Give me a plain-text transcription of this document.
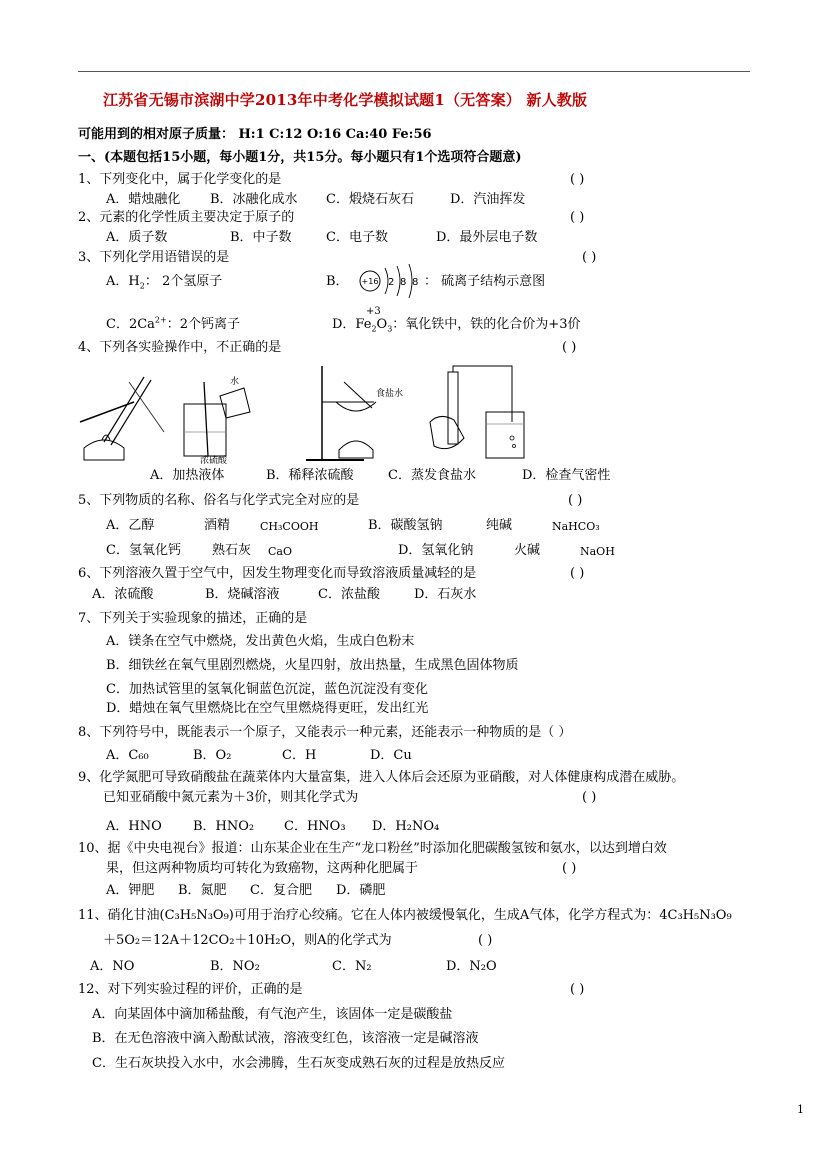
江苏省无锡市滨湖中学2013年中考化学模拟试题1（无答案） 新人教版
可能用到的相对原子质量： H:1 C:12 O:16 Ca:40 Fe:56
一、(本题包括15小题，每小题1分，共15分。每小题只有1个选项符合题意)
1、下列变化中，属于化学变化的是	( )
A．蜡烛融化 B．冰融化成水 C．煅烧石灰石	D．汽油挥发
2、元素的化学性质主要决定于原子的	( )
A．质子数	B．中子数	C．电子数	D．最外层电子数
3、下列化学用语错误的是	( )
A．$H_2$： 2个氢原子	B． +16 2 8 8 ： 硫离子结构示意图
C．$2Ca^{2+}$：2个钙离子
+3
D．$Fe_2O_3$：氧化铁中，铁的化合价为+3价
4、下列各实验操作中，不正确的是	( )
水
浓硫酸
食盐水
A．加热液体	B．稀释浓硫酸	C．蒸发食盐水	D．检查气密性
5、下列物质的名称、俗名与化学式完全对应的是	( )
A．乙醇	酒精	CH₃COOH	B．碳酸氢钠	纯碱	NaHCO₃
C．氢氧化钙 熟石灰 CaO	D．氢氧化钠	火碱	NaOH
6、下列溶液久置于空气中，因发生物理变化而导致溶液质量减轻的是	( )
A．浓硫酸	B．烧碱溶液	C．浓盐酸	D．石灰水
7、下列关于实验现象的描述，正确的是
A．镁条在空气中燃烧，发出黄色火焰，生成白色粉末
B．细铁丝在氧气里剧烈燃烧，火星四射，放出热量，生成黑色固体物质
C．加热试管里的氢氧化铜蓝色沉淀，蓝色沉淀没有变化
D．蜡烛在氧气里燃烧比在空气里燃烧得更旺，发出红光
8、下列符号中，既能表示一个原子，又能表示一种元素，还能表示一种物质的是（ ）
A．C₆₀	B．O₂	C．H	D．Cu
9、化学氮肥可导致硝酸盐在蔬菜体内大量富集，进入人体后会还原为亚硝酸，对人体健康构成潜在威胁。
已知亚硝酸中氮元素为＋3价，则其化学式为	( )
A．HNO B．HNO₂ C．HNO₃ D．H₂NO₄
10、据《中央电视台》报道：山东某企业在生产“龙口粉丝”时添加化肥碳酸氢铵和氨水，以达到增白效
果，但这两种物质均可转化为致癌物，这两种化肥属于	( )
A．钾肥 B．氮肥 C．复合肥 D．磷肥
11、硝化甘油(C₃H₅N₃O₉)可用于治疗心绞痛。它在人体内被缓慢氧化，生成A气体，化学方程式为：4C₃H₅N₃O₉
＋5O₂＝12A＋12CO₂＋10H₂O，则A的化学式为	( )
A．NO	B．NO₂	C．N₂	D．N₂O
12、对下列实验过程的评价，正确的是	( )
A．向某固体中滴加稀盐酸，有气泡产生，该固体一定是碳酸盐
B．在无色溶液中滴入酚酞试液，溶液变红色，该溶液一定是碱溶液
C．生石灰块投入水中，水会沸腾，生石灰变成熟石灰的过程是放热反应
1
